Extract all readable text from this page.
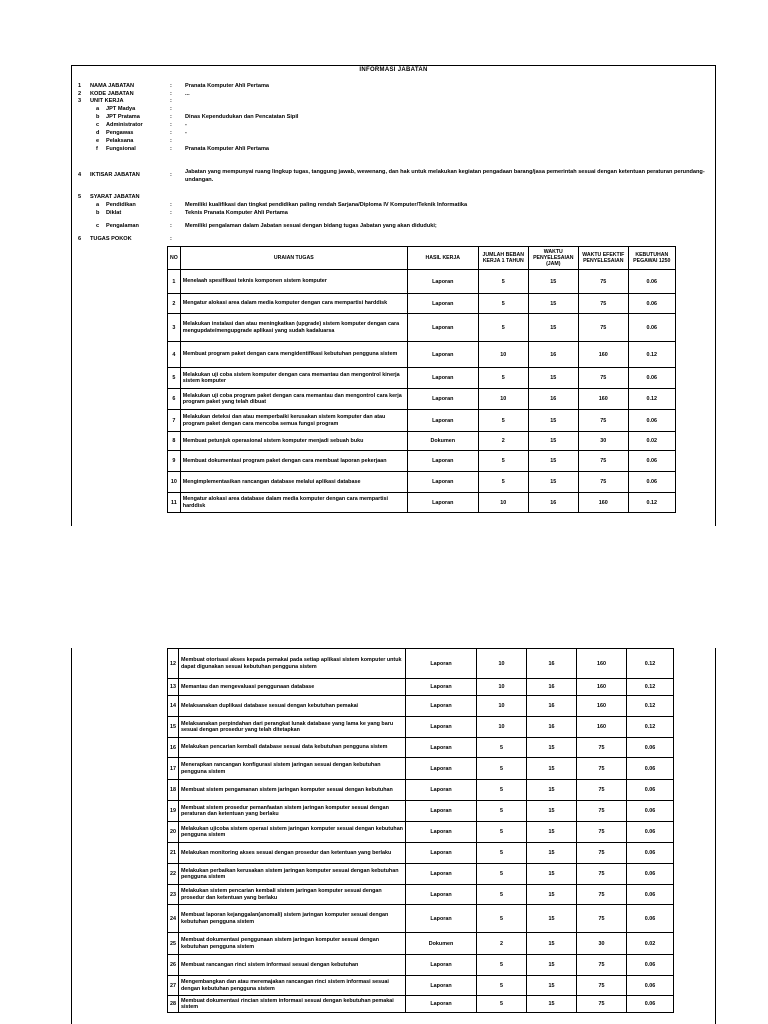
INFORMASI JABATAN
1 NAMA JABATAN	: Pranata Komputer Ahli Pertama
2 KODE JABATAN	: ...
3 UNIT KERJA	:
a JPT Madya	:
b JPT Pratama	: Dinas Kependudukan dan Pencatatan Sipil
c Administrator	: -
d Pengawas	: -
e Pelaksana	:
f Fungsional	: Pranata Komputer Ahli Pertama
4 IKTISAR JABATAN	: Jabatan yang mempunyai ruang lingkup tugas, tanggung jawab, wewenang, dan hak untuk melakukan kegiatan pengadaan barang/jasa pemerintah sesuai dengan ketentuan peraturan perundang-undangan.
5 SYARAT JABATAN
a Pendidikan	: Memiliki kualifikasi dan tingkat pendidikan paling rendah Sarjana/Diploma IV Komputer/Teknik Informatika
b Diklat	: Teknis Pranata Komputer Ahli Pertama
c Pengalaman	: Memiliki pengalaman dalam Jabatan sesuai dengan bidang tugas Jabatan yang akan diduduki;
6 TUGAS POKOK	:
NO	URAIAN TUGAS	HASIL KERJA	JUMLAH BEBAN KERJA 1 TAHUN	WAKTU PENYELESAIAN (JAM)	WAKTU EFEKTIF PENYELESAIAN	KEBUTUHAN PEGAWAI 1250
1	Menelaah spesifikasi teknis komponen sistem komputer	Laporan	5	15	75	0.06
2	Mengatur alokasi area dalam media komputer dengan cara mempartisi harddisk	Laporan	5	15	75	0.06
3	Melakukan instalasi dan atau meningkatkan (upgrade) sistem komputer dengan cara mengupdate/mengupgrade aplikasi yang sudah kadaluarsa	Laporan	5	15	75	0.06
4	Membuat program paket dengan cara mengidentifikasi kebutuhan pengguna sistem	Laporan	10	16	160	0.12
5	Melakukan uji coba sistem komputer dengan cara memantau dan mengontrol kinerja sistem komputer	Laporan	5	15	75	0.06
6	Melakukan uji coba program paket dengan cara memantau dan mengontrol cara kerja program paket yang telah dibuat	Laporan	10	16	160	0.12
7	Melakukan deteksi dan atau memperbaiki kerusakan sistem komputer dan atau program paket dengan cara mencoba semua fungsi program	Laporan	5	15	75	0.06
8	Membuat petunjuk operasional sistem komputer menjadi sebuah buku	Dokumen	2	15	30	0.02
9	Membuat dokumentasi program paket dengan cara membuat laporan pekerjaan	Laporan	5	15	75	0.06
10	Mengimplementasikan rancangan database melalui aplikasi database	Laporan	5	15	75	0.06
11	Mengatur alokasi area database dalam media komputer dengan cara mempartisi harddisk	Laporan	10	16	160	0.12
12	Membuat otorisasi akses kepada pemakai pada setiap aplikasi sistem komputer untuk dapat digunakan sesuai kebutuhan pengguna sistem	Laporan	10	16	160	0.12
13	Memantau dan mengevaluasi penggunaan database	Laporan	10	16	160	0.12
14	Melaksanakan duplikasi database sesuai dengan kebutuhan pemakai	Laporan	10	16	160	0.12
15	Melaksanakan perpindahan dari perangkat lunak database yang lama ke yang baru sesuai dengan prosedur yang telah ditetapkan	Laporan	10	16	160	0.12
16	Melakukan pencarian kembali database sesuai data kebutuhan pengguna sistem	Laporan	5	15	75	0.06
17	Menerapkan rancangan konfigurasi sistem jaringan sesuai dengan kebutuhan pengguna sistem	Laporan	5	15	75	0.06
18	Membuat sistem pengamanan sistem jaringan komputer sesuai dengan kebutuhan	Laporan	5	15	75	0.06
19	Membuat sistem prosedur pemanfaatan sistem jaringan komputer sesuai dengan peraturan dan ketentuan yang berlaku	Laporan	5	15	75	0.06
20	Melakukan ujicoba sistem operasi sistem jaringan komputer sesuai dengan kebutuhan pengguna sistem	Laporan	5	15	75	0.06
21	Melakukan monitoring akses sesuai dengan prosedur dan ketentuan yang berlaku	Laporan	5	15	75	0.06
22	Melakukan perbaikan kerusakan sistem jaringan komputer sesuai dengan kebutuhan pengguna sistem	Laporan	5	15	75	0.06
23	Melakukan sistem pencarian kembali sistem jaringan komputer sesuai dengan prosedur dan ketentuan yang berlaku	Laporan	5	15	75	0.06
24	Membuat laporan kejanggalan(anomali) sistem jaringan komputer sesuai dengan kebutuhan pengguna sistem	Laporan	5	15	75	0.06
25	Membuat dokumentasi penggunaan sistem jaringan komputer sesuai dengan kebutuhan pengguna sistem	Dokumen	2	15	30	0.02
26	Membuat rancangan rinci sistem informasi sesuai dengan kebutuhan	Laporan	5	15	75	0.06
27	Mengembangkan dan atau meremajakan rancangan rinci sistem informasi sesuai dengan kebutuhan pengguna sistem	Laporan	5	15	75	0.06
28	Membuat dokumentasi rincian sistem informasi sesuai dengan kebutuhan pemakai sistem	Laporan	5	15	75	0.06
